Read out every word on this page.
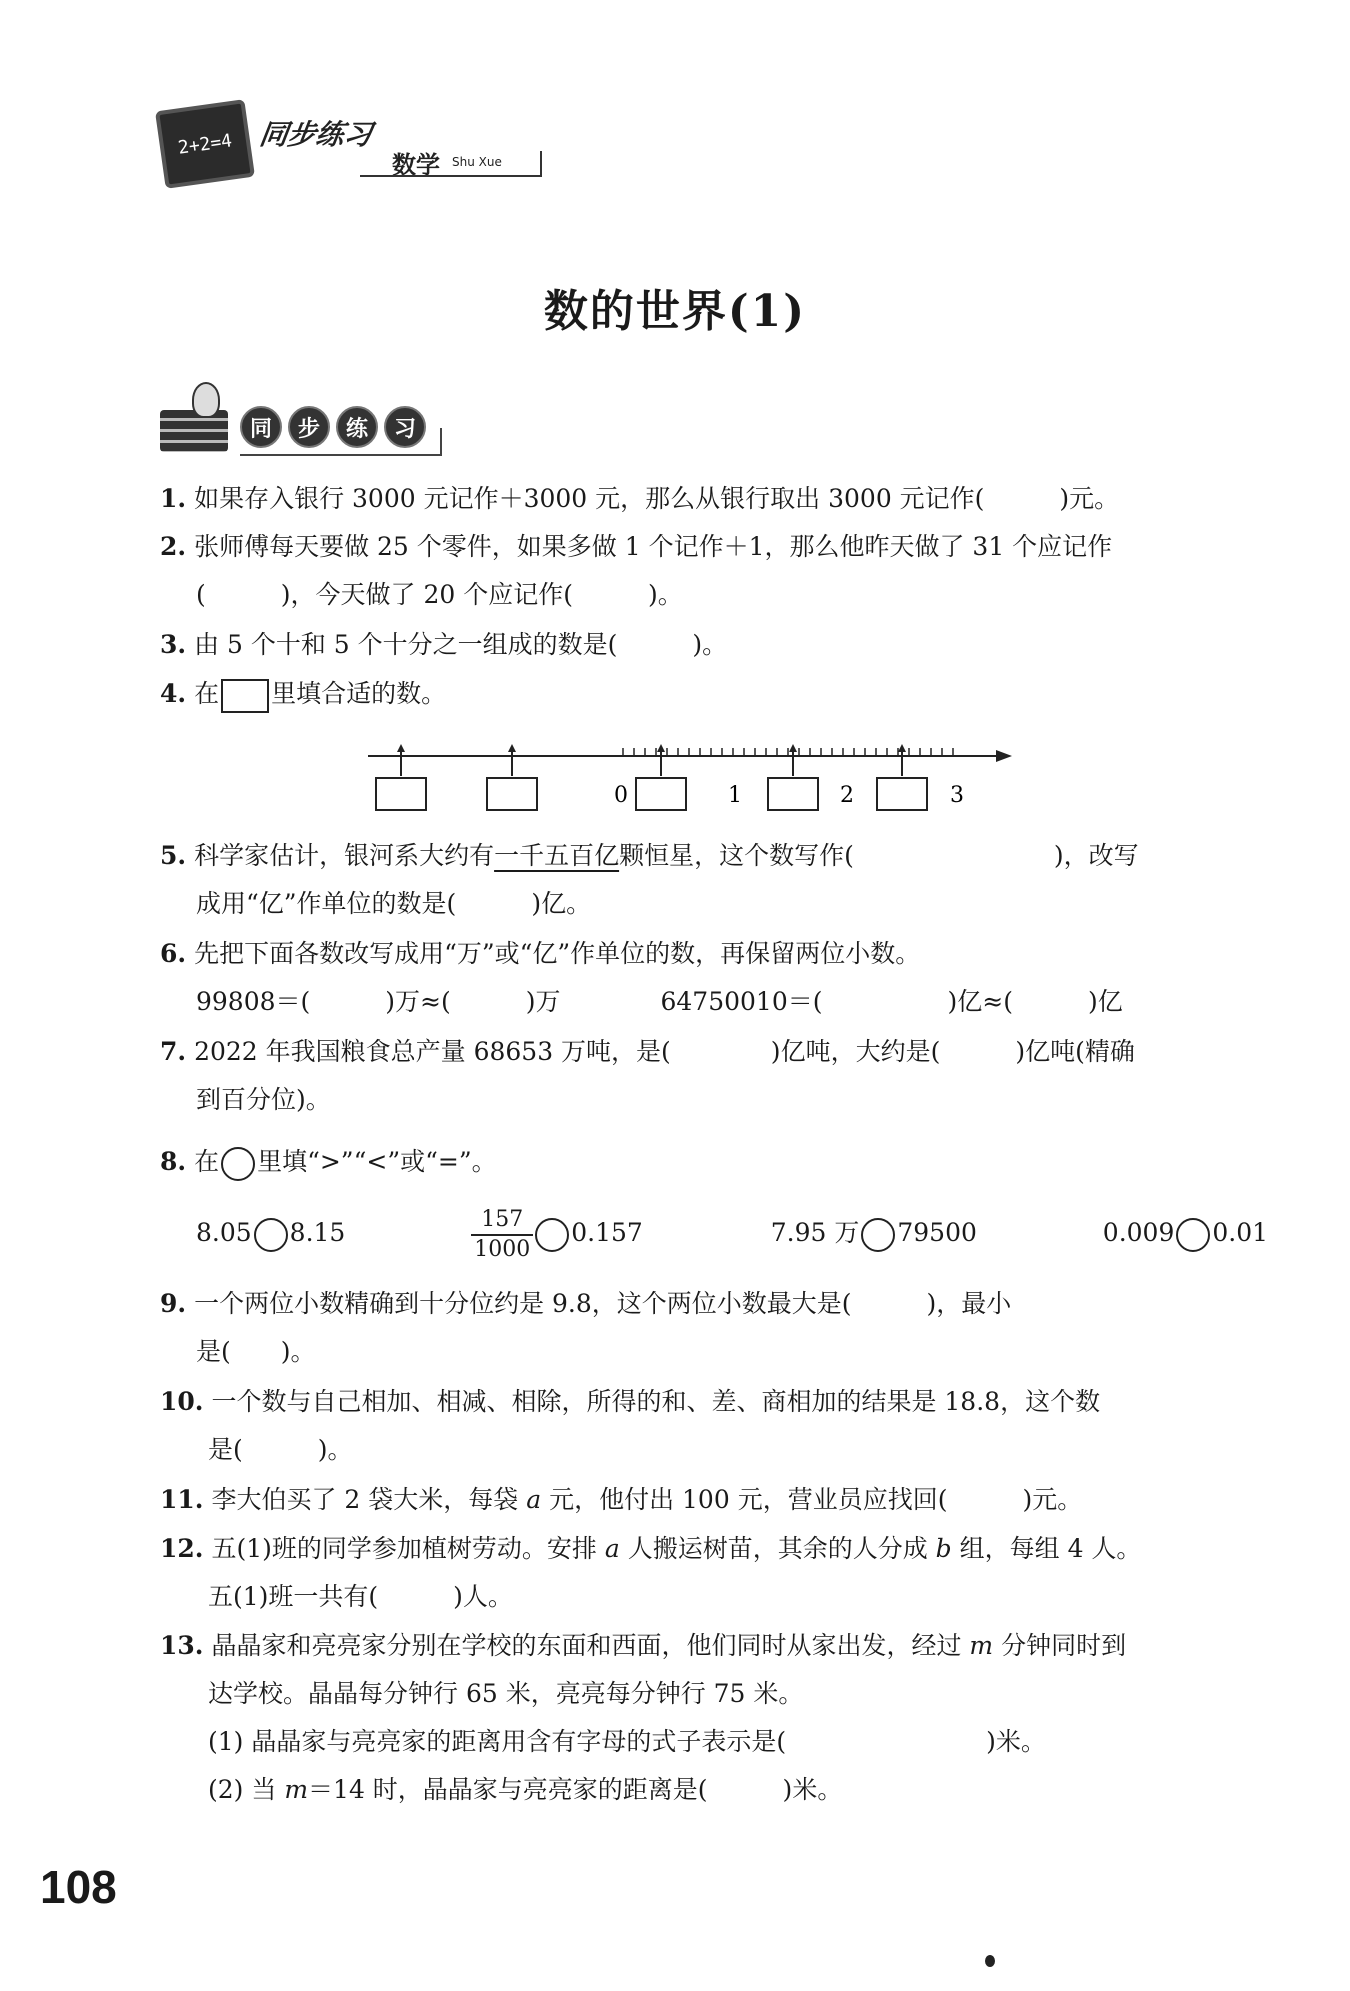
2+2=4 同步练习
数学 Shu Xue
数的世界(1)
同	步	练	习
1. 如果存入银行 3000 元记作＋3000 元，那么从银行取出 3000 元记作(　　　)元。
2. 张师傅每天要做 25 个零件，如果多做 1 个记作＋1，那么他昨天做了 31 个应记作
(　　　)，今天做了 20 个应记作(　　　)。
3. 由 5 个十和 5 个十分之一组成的数是(　　　)。
4. 在 里填合适的数。
0	1	2	3
5. 科学家估计，银河系大约有一千五百亿颗恒星，这个数写作(　　　　　　　　)，改写
成用“亿”作单位的数是(　　　)亿。
6. 先把下面各数改写成用“万”或“亿”作单位的数，再保留两位小数。
99808＝(　　　)万≈(　　　)万	64750010＝(　　　　　)亿≈(　　　)亿
7. 2022 年我国粮食总产量 68653 万吨，是(　　　　)亿吨，大约是(　　　)亿吨(精确
到百分位)。
8. 在 里填“>”“<”或“=”。
8.05 8.15	$\frac{157}{1000} 0.157$	7.95 万 79500	0.009 0.01
9. 一个两位小数精确到十分位约是 9.8，这个两位小数最大是(　　　)，最小
是(　　)。
10. 一个数与自己相加、相减、相除，所得的和、差、商相加的结果是 18.8，这个数
是(　　　)。
11. 李大伯买了 2 袋大米，每袋 a 元，他付出 100 元，营业员应找回(　　　)元。
12. 五(1)班的同学参加植树劳动。安排 a 人搬运树苗，其余的人分成 b 组，每组 4 人。
五(1)班一共有(　　　)人。
13. 晶晶家和亮亮家分别在学校的东面和西面，他们同时从家出发，经过 m 分钟同时到
达学校。晶晶每分钟行 65 米，亮亮每分钟行 75 米。
(1) 晶晶家与亮亮家的距离用含有字母的式子表示是(　　　　　　　　)米。
(2) 当 m＝14 时，晶晶家与亮亮家的距离是(　　　)米。
108
